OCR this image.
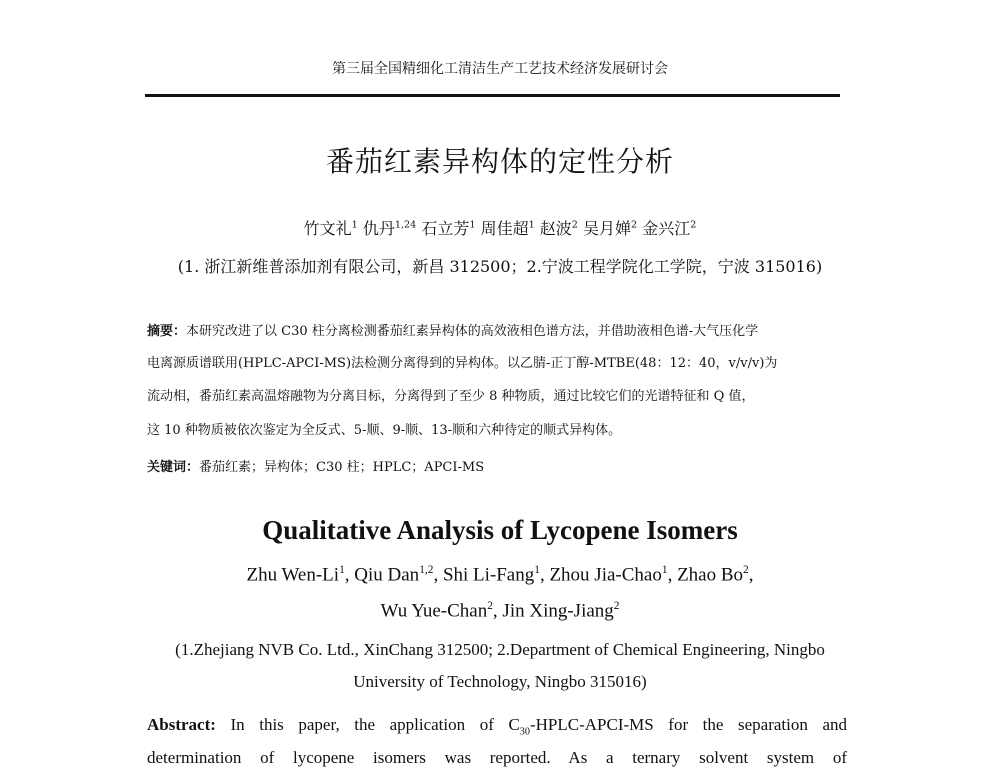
第三届全国精细化工清洁生产工艺技术经济发展研讨会
番茄红素异构体的定性分析
竹文礼$^1$ 仇丹$^{1,24}$ 石立芳$^1$ 周佳超$^1$ 赵波$^2$ 吴月婵$^2$ 金兴江$^2$
(1. 浙江新维普添加剂有限公司，新昌 312500；2.宁波工程学院化工学院，宁波 315016)
摘要：本研究改进了以 C30 柱分离检测番茄红素异构体的高效液相色谱方法，并借助液相色谱-大气压化学
电离源质谱联用(HPLC-APCI-MS)法检测分离得到的异构体。以乙腈-正丁醇-MTBE(48：12：40，v/v/v)为
流动相，番茄红素高温熔融物为分离目标，分离得到了至少 8 种物质，通过比较它们的光谱特征和 Q 值，
这 10 种物质被依次鉴定为全反式、5-顺、9-顺、13-顺和六种待定的顺式异构体。
关键词：番茄红素；异构体；C30 柱；HPLC；APCI-MS
Qualitative Analysis of Lycopene Isomers
Zhu Wen-Li$^1$, Qiu Dan$^{1,2}$, Shi Li-Fang$^1$, Zhou Jia-Chao$^1$, Zhao Bo$^2$,
Wu Yue-Chan$^2$, Jin Xing-Jiang$^2$
(1.Zhejiang NVB Co. Ltd., XinChang 312500; 2.Department of Chemical Engineering, Ningbo
University of Technology, Ningbo 315016)
Abstract: In this paper, the application of $C_{30}-HPLC-APCI-MS$ for the separation and
determination of lycopene isomers was reported. As a ternary solvent system of
